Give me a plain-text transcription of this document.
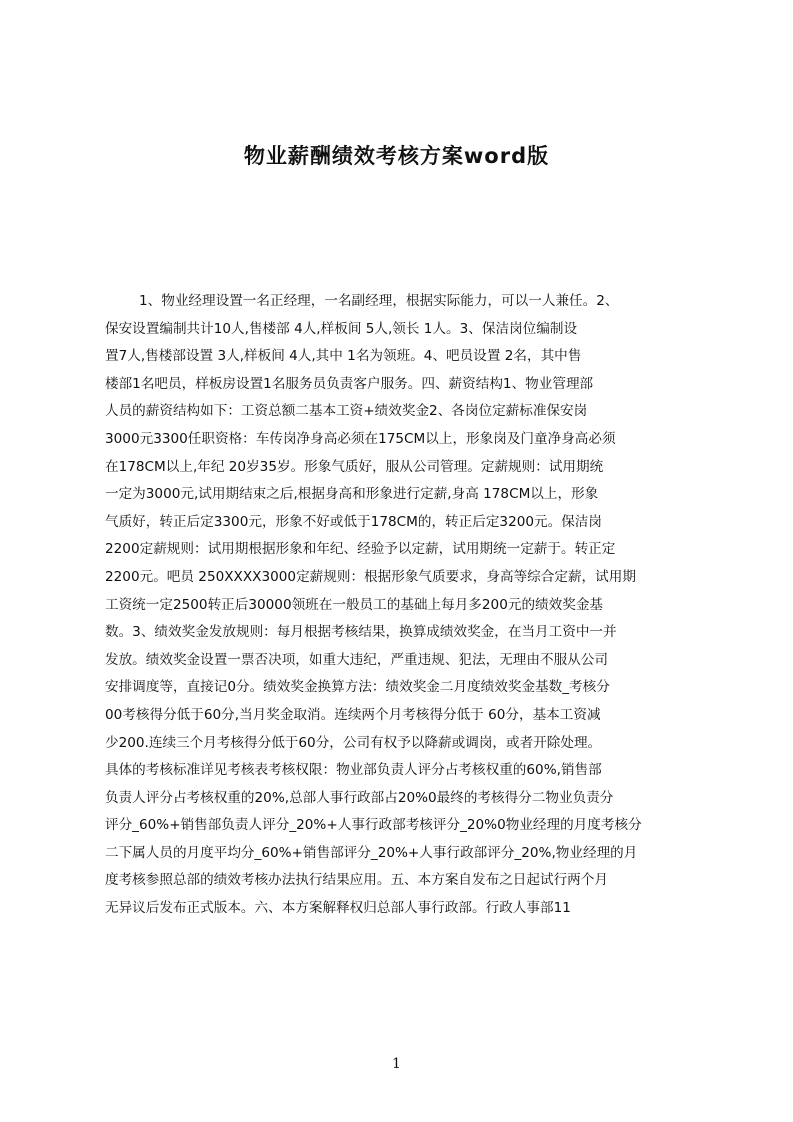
物业薪酬绩效考核方案word版
1、物业经理设置一名正经理，一名副经理，根据实际能力，可以一人兼任。2、
保安设置编制共计10人,售楼部 4人,样板间 5人,领长 1人。3、保洁岗位编制设
置7人,售楼部设置 3人,样板间 4人,其中 1名为领班。4、吧员设置 2名，其中售
楼部1名吧员，样板房设置1名服务员负责客户服务。四、薪资结构1、物业管理部
人员的薪资结构如下：工资总额二基本工资+绩效奖金2、各岗位定薪标准保安岗
3000元3300任职资格：车传岗净身高必须在175CM以上，形象岗及门童净身高必须
在178CM以上,年纪 20岁35岁。形象气质好，服从公司管理。定薪规则：试用期统
一定为3000元,试用期结束之后,根据身高和形象进行定薪,身高 178CM以上，形象
气质好，转正后定3300元，形象不好或低于178CM的，转正后定3200元。保洁岗
2200定薪规则：试用期根据形象和年纪、经验予以定薪，试用期统一定薪于。转正定
2200元。吧员 250XXXX3000定薪规则：根据形象气质要求，身高等综合定薪，试用期
工资统一定2500转正后30000领班在一般员工的基础上每月多200元的绩效奖金基
数。3、绩效奖金发放规则：每月根据考核结果，换算成绩效奖金，在当月工资中一并
发放。绩效奖金设置一票否决项，如重大违纪，严重违规、犯法，无理由不服从公司
安排调度等，直接记0分。绩效奖金换算方法：绩效奖金二月度绩效奖金基数_考核分
00考核得分低于60分,当月奖金取消。连续两个月考核得分低于 60分，基本工资减
少200.连续三个月考核得分低于60分，公司有权予以降薪或调岗，或者开除处理。
具体的考核标准详见考核表考核权限：物业部负责人评分占考核权重的60%,销售部
负责人评分占考核权重的20%,总部人事行政部占20%0最终的考核得分二物业负责分
评分_60%+销售部负责人评分_20%+人事行政部考核评分_20%0物业经理的月度考核分
二下属人员的月度平均分_60%+销售部评分_20%+人事行政部评分_20%,物业经理的月
度考核参照总部的绩效考核办法执行结果应用。五、本方案自发布之日起试行两个月
无异议后发布正式版本。六、本方案解释权归总部人事行政部。行政人事部11
1
